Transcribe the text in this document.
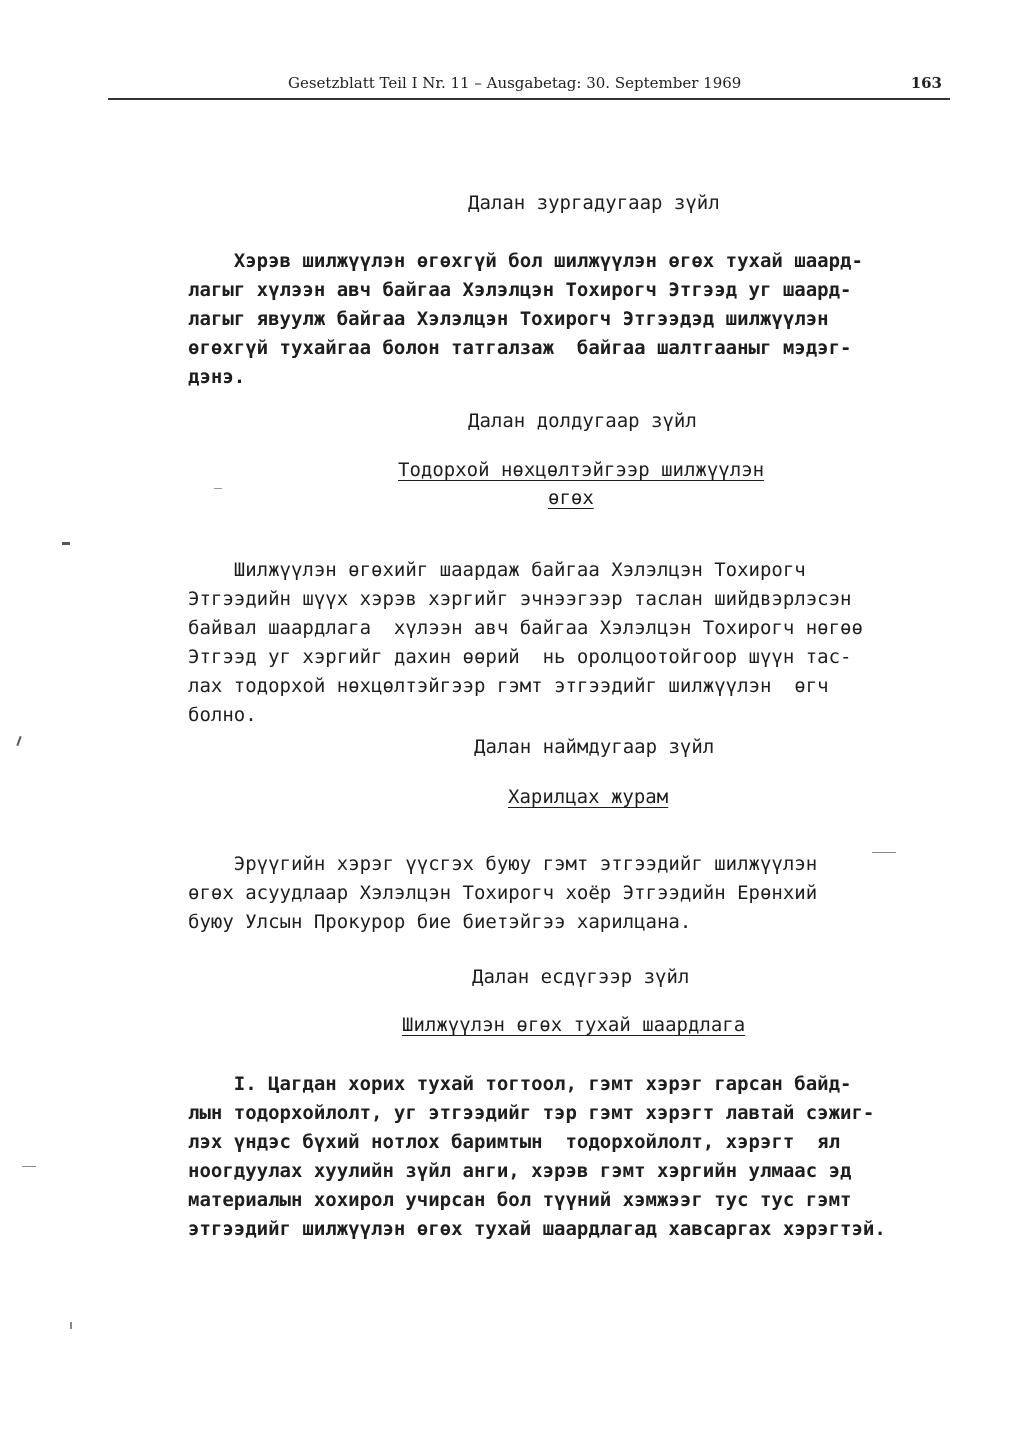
Gesetzblatt Teil I Nr. 11 – Ausgabetag: 30. September 1969	163
Далан зургадугаар зүйл
Хэрэв шилжүүлэн өгөхгүй бол шилжүүлэн өгөх тухай шаард-
лагыг хүлээн авч байгаа Хэлэлцэн Тохирогч Этгээд уг шаард-
лагыг явуулж байгаа Хэлэлцэн Тохирогч Этгээдэд шилжүүлэн
өгөхгүй тухайгаа болон татгалзаж  байгаа шалтгааныг мэдэг-
дэнэ.
Далан долдугаар зүйл
Тодорхой нөхцөлтэйгээр шилжүүлэн
өгөх
Шилжүүлэн өгөхийг шаардаж байгаа Хэлэлцэн Тохирогч
Этгээдийн шүүх хэрэв хэргийг эчнээгээр таслан шийдвэрлэсэн
байвал шаардлага  хүлээн авч байгаа Хэлэлцэн Тохирогч нөгөө
Этгээд уг хэргийг дахин өөрий  нь оролцоотойгоор шүүн тас-
лах тодорхой нөхцөлтэйгээр гэмт этгээдийг шилжүүлэн  өгч
болно.
Далан наймдугаар зүйл
Харилцах журам
Эрүүгийн хэрэг үүсгэх буюу гэмт этгээдийг шилжүүлэн
өгөх асуудлаар Хэлэлцэн Тохирогч хоёр Этгээдийн Ерөнхий
буюу Улсын Прокурор бие биетэйгээ харилцана.
Далан есдүгээр зүйл
Шилжүүлэн өгөх тухай шаардлага
I. Цагдан хорих тухай тогтоол, гэмт хэрэг гарсан байд-
лын тодорхойлолт, уг этгээдийг тэр гэмт хэрэгт лавтай сэжиг-
лэх үндэс бүхий нотлох баримтын  тодорхойлолт, хэрэгт  ял
ноогдуулах хуулийн зүйл анги, хэрэв гэмт хэргийн улмаас эд
материалын хохирол учирсан бол түүний хэмжээг тус тус гэмт
этгээдийг шилжүүлэн өгөх тухай шаардлагад хавсаргах хэрэгтэй.
